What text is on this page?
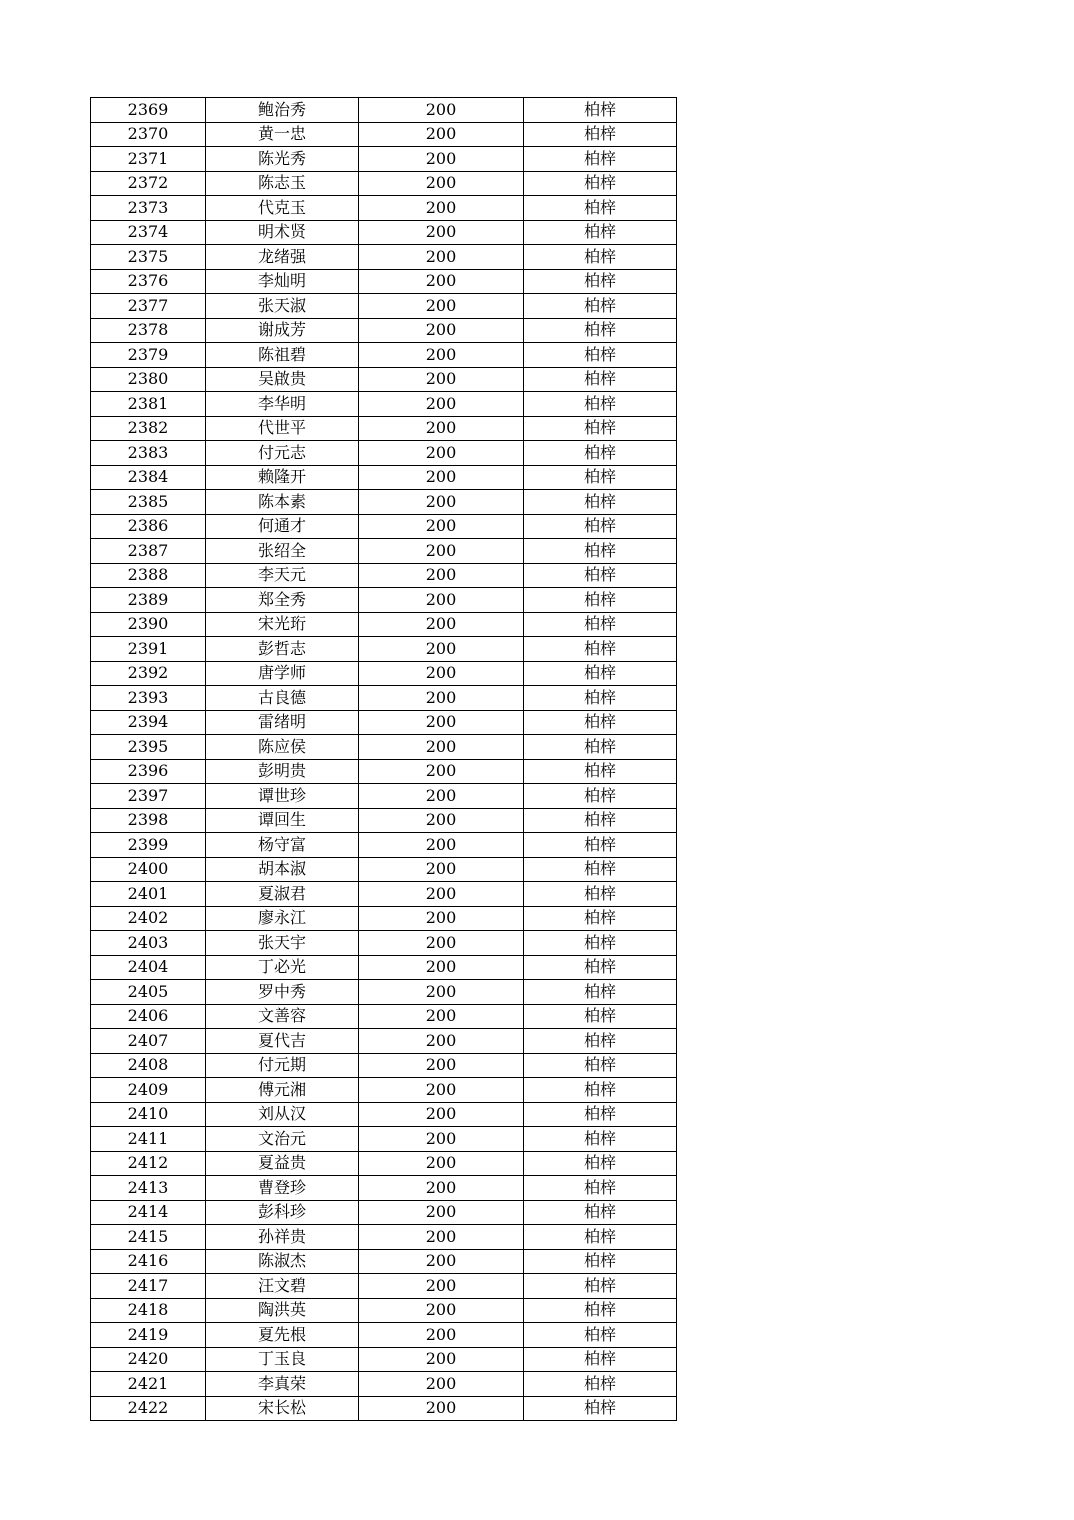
2369	鲍治秀	200	柏梓
2370	黄一忠	200	柏梓
2371	陈光秀	200	柏梓
2372	陈志玉	200	柏梓
2373	代克玉	200	柏梓
2374	明术贤	200	柏梓
2375	龙绪强	200	柏梓
2376	李灿明	200	柏梓
2377	张天淑	200	柏梓
2378	谢成芳	200	柏梓
2379	陈祖碧	200	柏梓
2380	吴啟贵	200	柏梓
2381	李华明	200	柏梓
2382	代世平	200	柏梓
2383	付元志	200	柏梓
2384	赖隆开	200	柏梓
2385	陈本素	200	柏梓
2386	何通才	200	柏梓
2387	张绍全	200	柏梓
2388	李天元	200	柏梓
2389	郑全秀	200	柏梓
2390	宋光珩	200	柏梓
2391	彭哲志	200	柏梓
2392	唐学师	200	柏梓
2393	古良德	200	柏梓
2394	雷绪明	200	柏梓
2395	陈应侯	200	柏梓
2396	彭明贵	200	柏梓
2397	谭世珍	200	柏梓
2398	谭回生	200	柏梓
2399	杨守富	200	柏梓
2400	胡本淑	200	柏梓
2401	夏淑君	200	柏梓
2402	廖永江	200	柏梓
2403	张天宇	200	柏梓
2404	丁必光	200	柏梓
2405	罗中秀	200	柏梓
2406	文善容	200	柏梓
2407	夏代吉	200	柏梓
2408	付元期	200	柏梓
2409	傅元湘	200	柏梓
2410	刘从汉	200	柏梓
2411	文治元	200	柏梓
2412	夏益贵	200	柏梓
2413	曹登珍	200	柏梓
2414	彭科珍	200	柏梓
2415	孙祥贵	200	柏梓
2416	陈淑杰	200	柏梓
2417	汪文碧	200	柏梓
2418	陶洪英	200	柏梓
2419	夏先根	200	柏梓
2420	丁玉良	200	柏梓
2421	李真荣	200	柏梓
2422	宋长松	200	柏梓
